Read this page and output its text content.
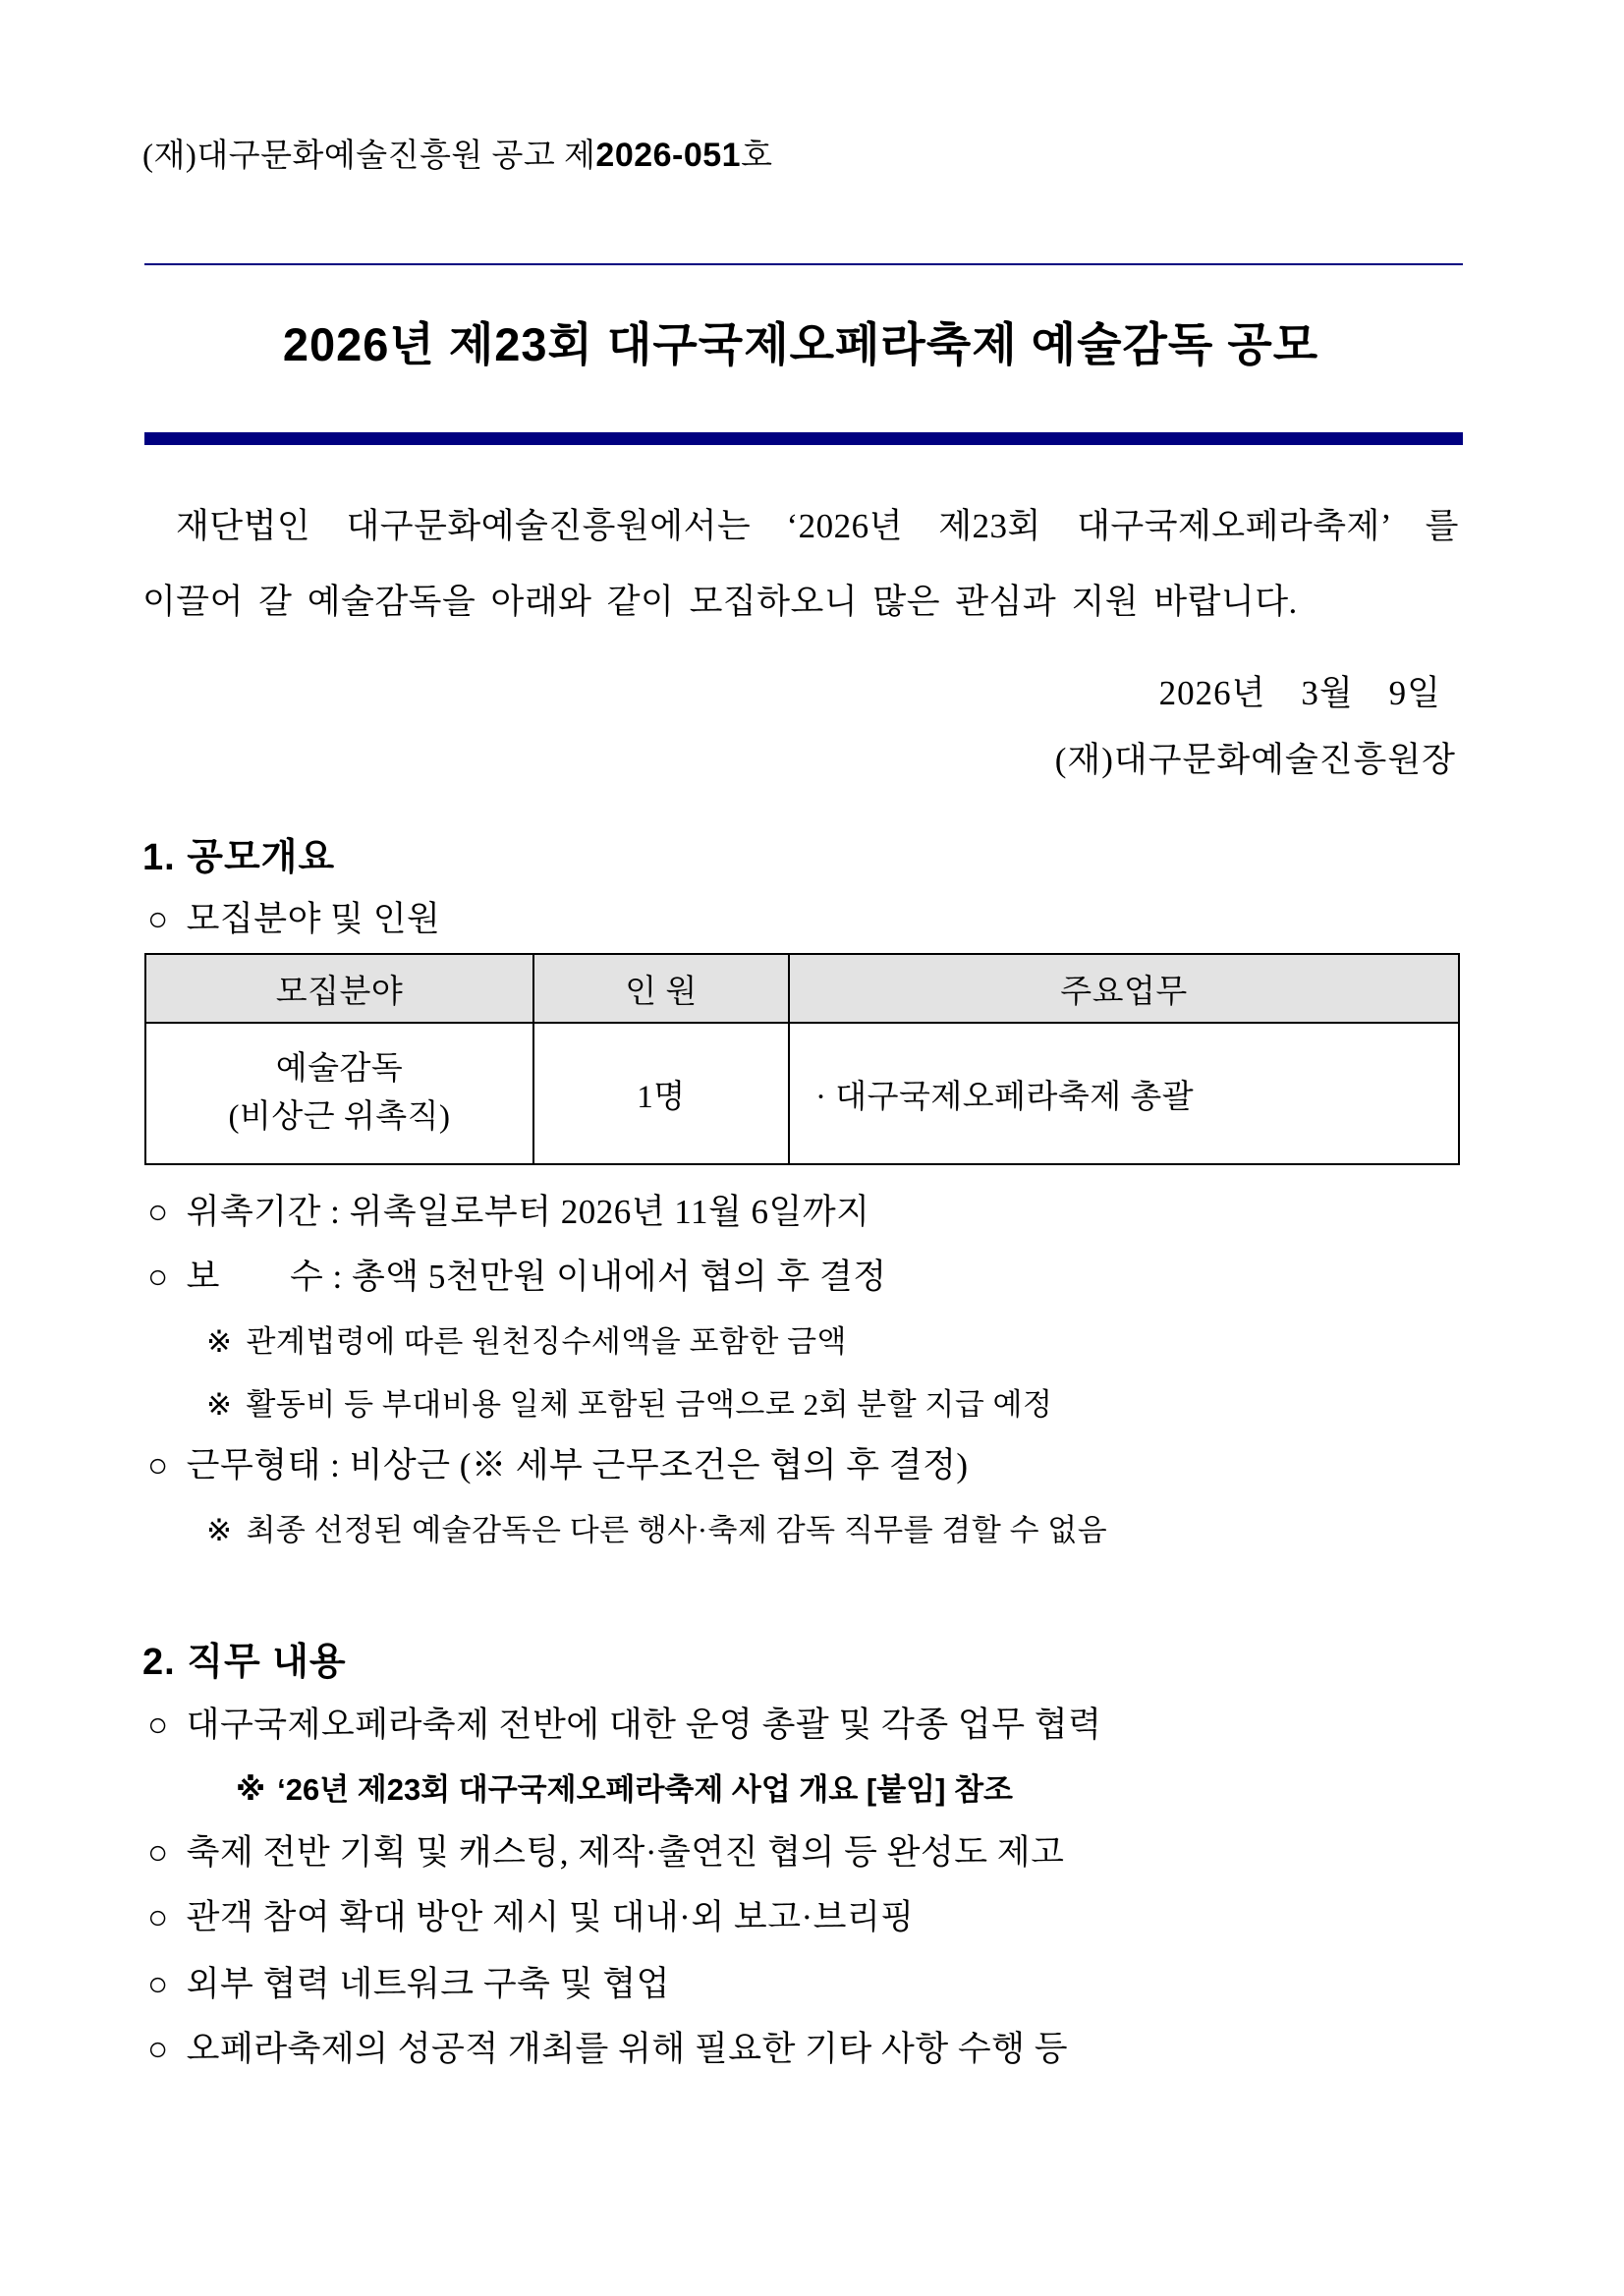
(재)대구문화예술진흥원 공고 제2026-051호
2026년 제23회 대구국제오페라축제 예술감독 공모

재단법인 대구문화예술진흥원에서는 ‘2026년 제23회 대구국제오페라축제’ 를

이끌어 갈 예술감독을 아래와 같이 모집하오니 많은 관심과 지원 바랍니다.

2026년　3월　9일
(재)대구문화예술진흥원장
1. 공모개요
○ 모집분야 및 인원
모집분야	인 원	주요업무

예술감독
(비상근 위촉직)	1명	· 대구국제오페라축제 총괄
○ 위촉기간 : 위촉일로부터 2026년 11월 6일까지
○ 보　　수 : 총액 5천만원 이내에서 협의 후 결정
※ 관계법령에 따른 원천징수세액을 포함한 금액
※ 활동비 등 부대비용 일체 포함된 금액으로 2회 분할 지급 예정
○ 근무형태 : 비상근 (※ 세부 근무조건은 협의 후 결정)
※ 최종 선정된 예술감독은 다른 행사·축제 감독 직무를 겸할 수 없음
2. 직무 내용
○ 대구국제오페라축제 전반에 대한 운영 총괄 및 각종 업무 협력
※ ‘26년 제23회 대구국제오페라축제 사업 개요 [붙임] 참조
○ 축제 전반 기획 및 캐스팅, 제작·출연진 협의 등 완성도 제고
○ 관객 참여 확대 방안 제시 및 대내·외 보고·브리핑
○ 외부 협력 네트워크 구축 및 협업
○ 오페라축제의 성공적 개최를 위해 필요한 기타 사항 수행 등
